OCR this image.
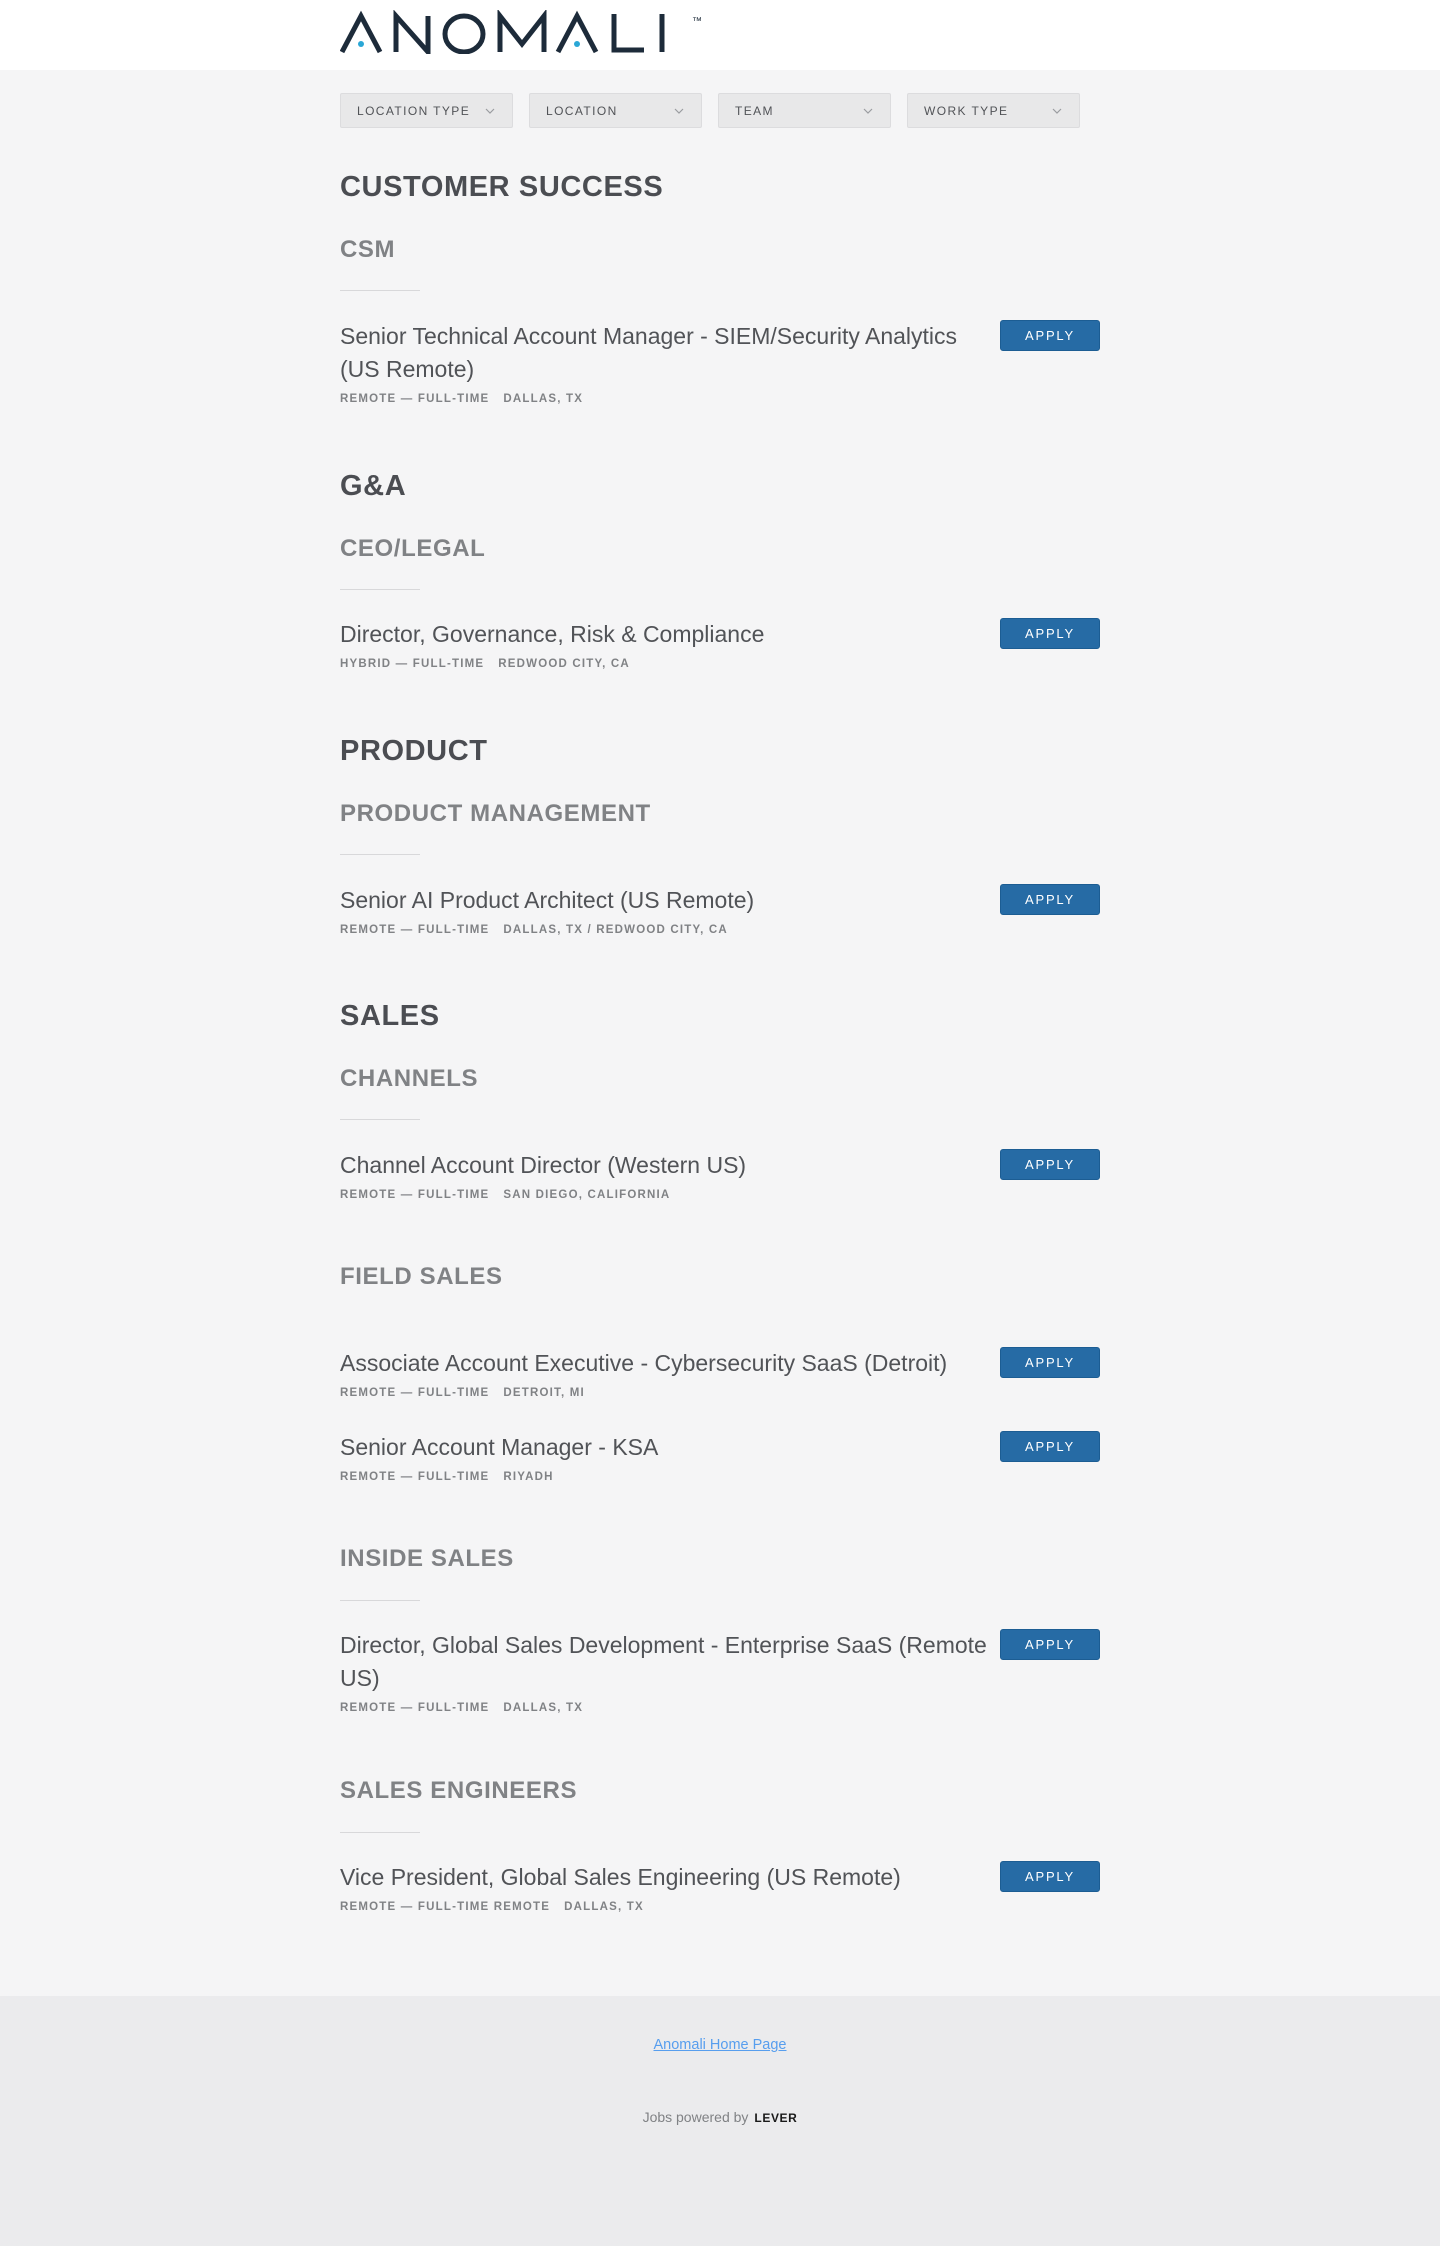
™
LOCATION TYPE	LOCATION	TEAM	WORK TYPE
CUSTOMER SUCCESS
CSM
Senior Technical Account Manager - SIEM/Security Analytics (US Remote)
REMOTE — FULL-TIME DALLAS, TX
APPLY
G&A
CEO/LEGAL
Director, Governance, Risk & Compliance
HYBRID — FULL-TIME REDWOOD CITY, CA
APPLY
PRODUCT
PRODUCT MANAGEMENT
Senior AI Product Architect (US Remote)
REMOTE — FULL-TIME DALLAS, TX / REDWOOD CITY, CA
APPLY
SALES
CHANNELS
Channel Account Director (Western US)
REMOTE — FULL-TIME SAN DIEGO, CALIFORNIA
APPLY
FIELD SALES
Associate Account Executive - Cybersecurity SaaS (Detroit)
REMOTE — FULL-TIME DETROIT, MI
APPLY
Senior Account Manager - KSA
REMOTE — FULL-TIME RIYADH
APPLY
INSIDE SALES
Director, Global Sales Development - Enterprise SaaS (Remote US)
REMOTE — FULL-TIME DALLAS, TX
APPLY
SALES ENGINEERS
Vice President, Global Sales Engineering (US Remote)
REMOTE — FULL-TIME REMOTE DALLAS, TX
APPLY
Anomali Home Page
Jobs powered by LEVER
